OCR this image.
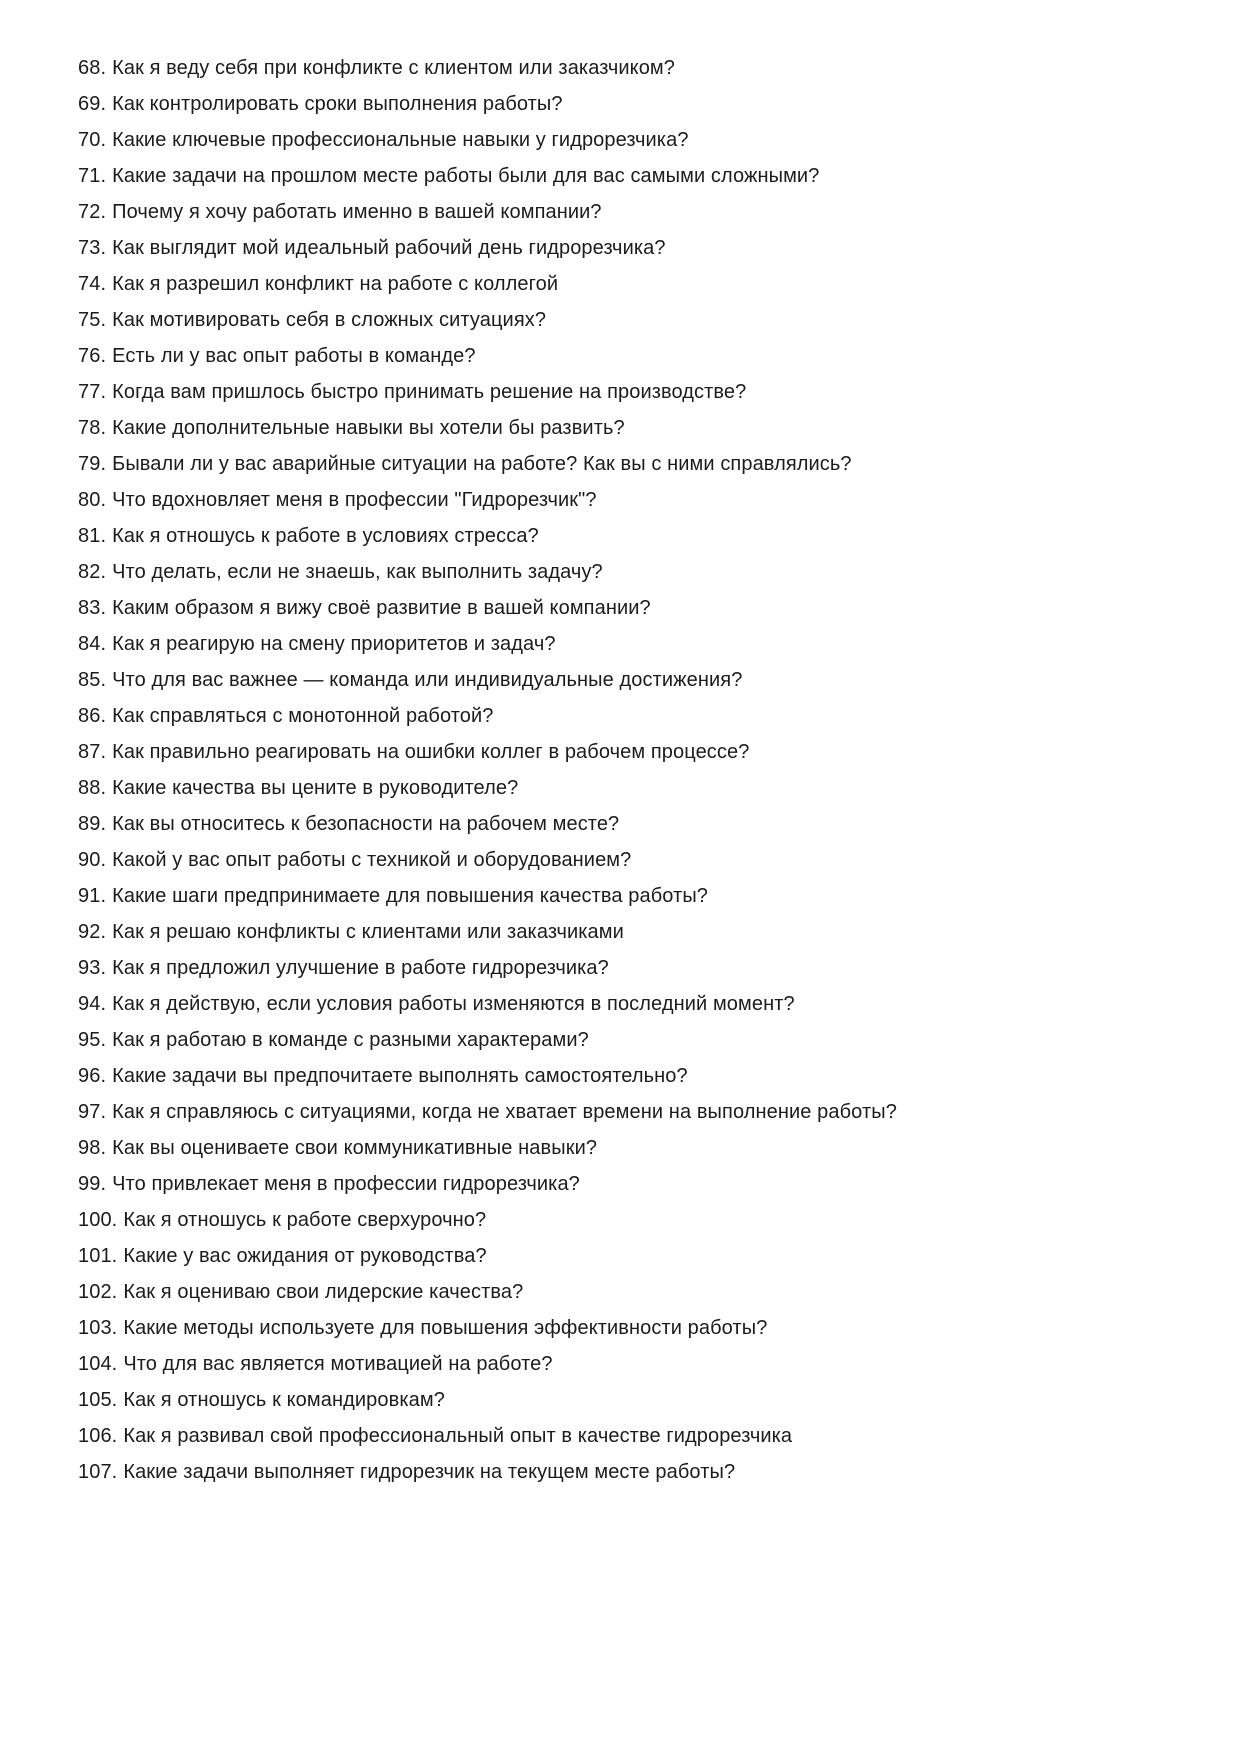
68. Как я веду себя при конфликте с клиентом или заказчиком?
69. Как контролировать сроки выполнения работы?
70. Какие ключевые профессиональные навыки у гидрорезчика?
71. Какие задачи на прошлом месте работы были для вас самыми сложными?
72. Почему я хочу работать именно в вашей компании?
73. Как выглядит мой идеальный рабочий день гидрорезчика?
74. Как я разрешил конфликт на работе с коллегой
75. Как мотивировать себя в сложных ситуациях?
76. Есть ли у вас опыт работы в команде?
77. Когда вам пришлось быстро принимать решение на производстве?
78. Какие дополнительные навыки вы хотели бы развить?
79. Бывали ли у вас аварийные ситуации на работе? Как вы с ними справлялись?
80. Что вдохновляет меня в профессии "Гидрорезчик"?
81. Как я отношусь к работе в условиях стресса?
82. Что делать, если не знаешь, как выполнить задачу?
83. Каким образом я вижу своё развитие в вашей компании?
84. Как я реагирую на смену приоритетов и задач?
85. Что для вас важнее — команда или индивидуальные достижения?
86. Как справляться с монотонной работой?
87. Как правильно реагировать на ошибки коллег в рабочем процессе?
88. Какие качества вы цените в руководителе?
89. Как вы относитесь к безопасности на рабочем месте?
90. Какой у вас опыт работы с техникой и оборудованием?
91. Какие шаги предпринимаете для повышения качества работы?
92. Как я решаю конфликты с клиентами или заказчиками
93. Как я предложил улучшение в работе гидрорезчика?
94. Как я действую, если условия работы изменяются в последний момент?
95. Как я работаю в команде с разными характерами?
96. Какие задачи вы предпочитаете выполнять самостоятельно?
97. Как я справляюсь с ситуациями, когда не хватает времени на выполнение работы?
98. Как вы оцениваете свои коммуникативные навыки?
99. Что привлекает меня в профессии гидрорезчика?
100. Как я отношусь к работе сверхурочно?
101. Какие у вас ожидания от руководства?
102. Как я оцениваю свои лидерские качества?
103. Какие методы используете для повышения эффективности работы?
104. Что для вас является мотивацией на работе?
105. Как я отношусь к командировкам?
106. Как я развивал свой профессиональный опыт в качестве гидрорезчика
107. Какие задачи выполняет гидрорезчик на текущем месте работы?
